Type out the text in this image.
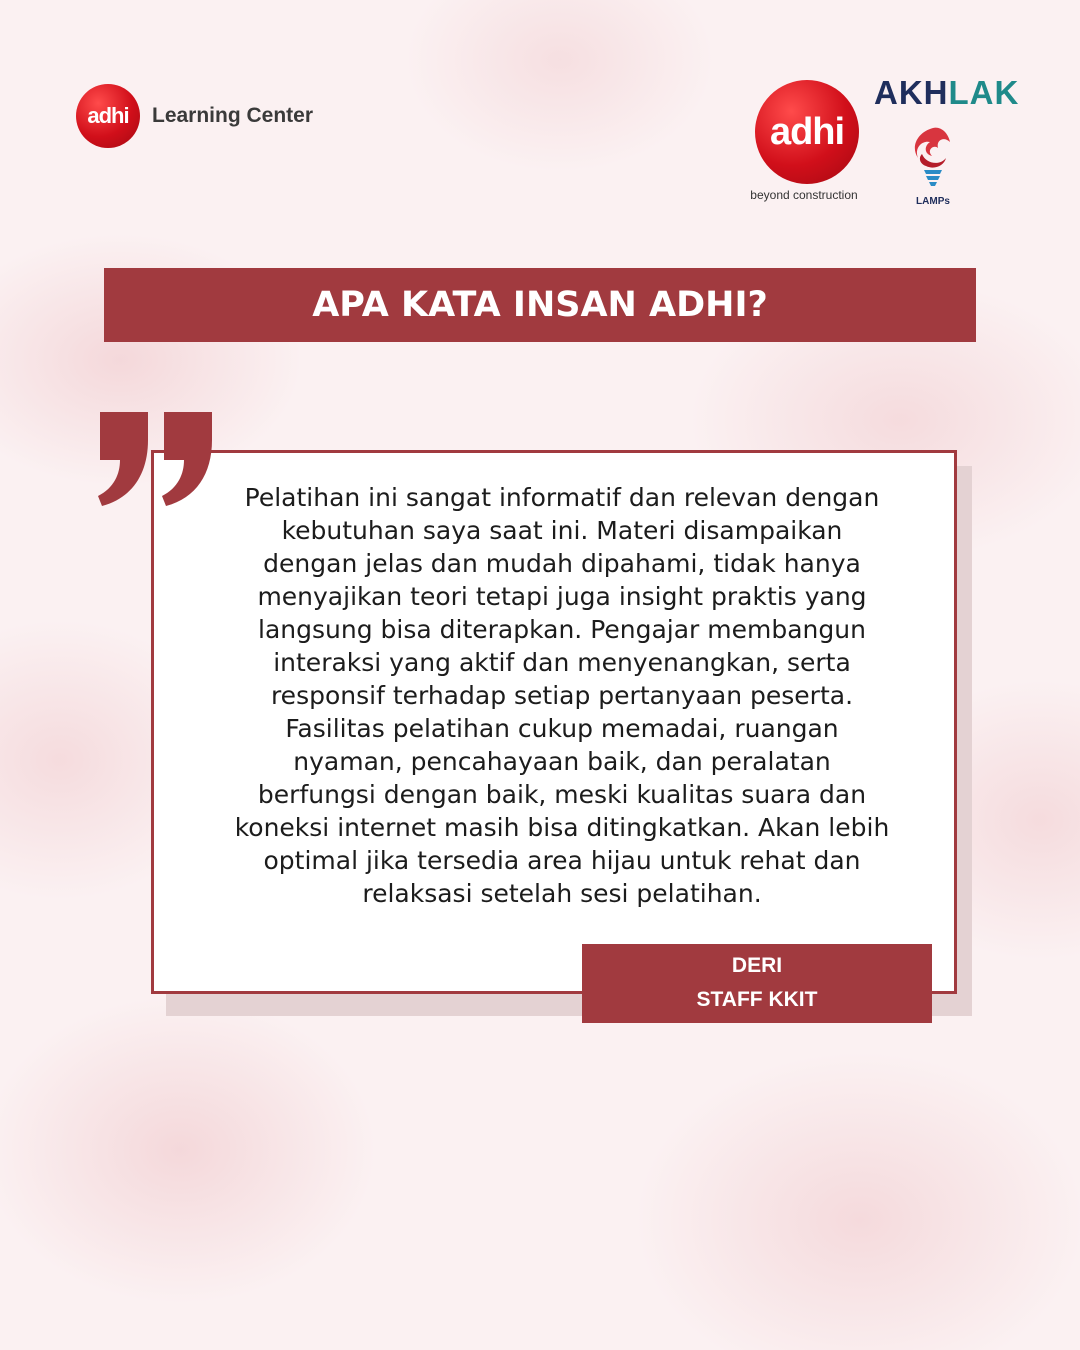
adhi	Learning Center	adhi
beyond construction
AKHLAK
LAMPs
APA KATA INSAN ADHI?

Pelatihan ini sangat informatif dan relevan dengan
kebutuhan saya saat ini. Materi disampaikan
dengan jelas dan mudah dipahami, tidak hanya
menyajikan teori tetapi juga insight praktis yang
langsung bisa diterapkan. Pengajar membangun
interaksi yang aktif dan menyenangkan, serta
responsif terhadap setiap pertanyaan peserta.
Fasilitas pelatihan cukup memadai, ruangan
nyaman, pencahayaan baik, dan peralatan
berfungsi dengan baik, meski kualitas suara dan
koneksi internet masih bisa ditingkatkan. Akan lebih
optimal jika tersedia area hijau untuk rehat dan
relaksasi setelah sesi pelatihan.

DERI
STAFF KKIT
